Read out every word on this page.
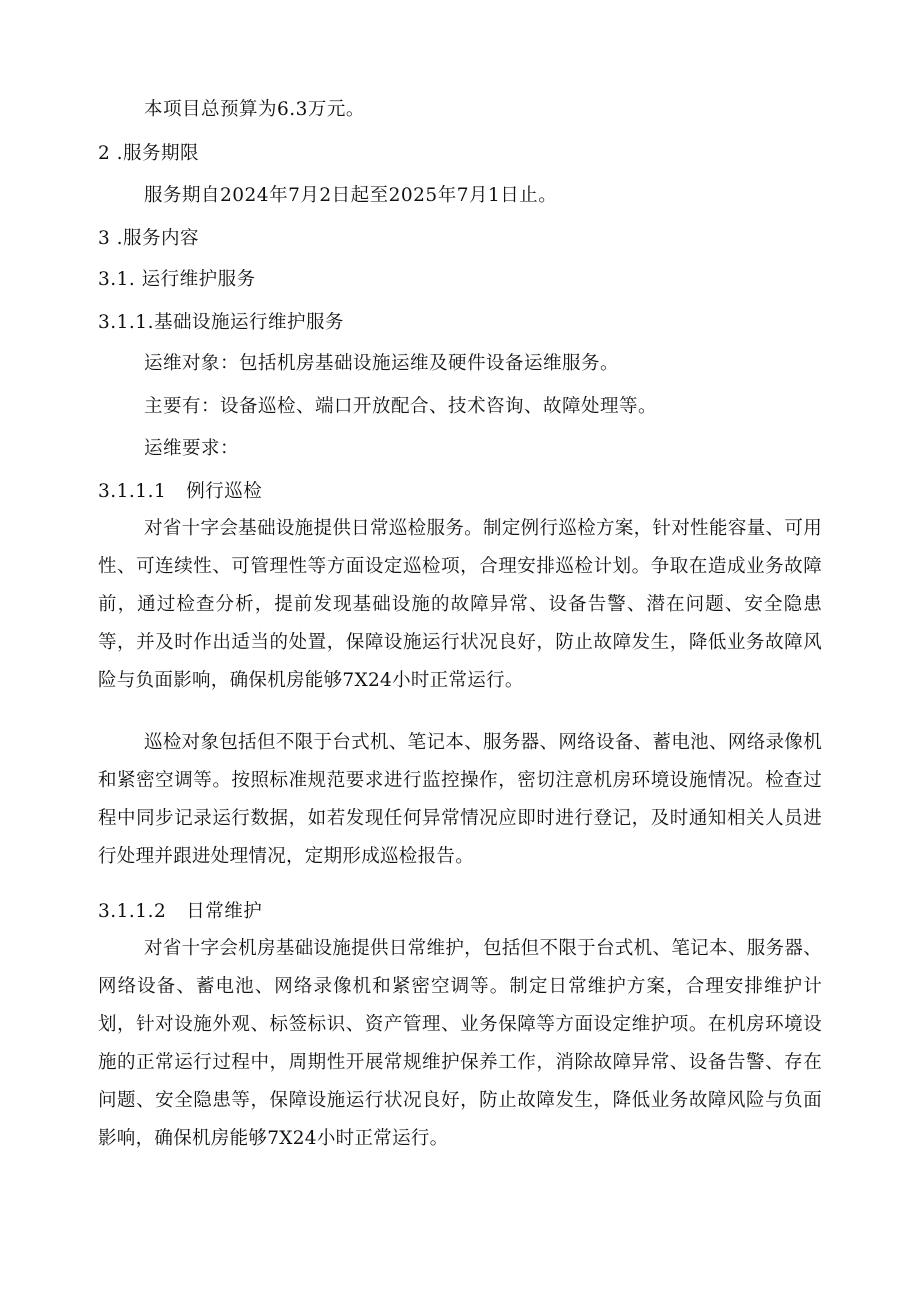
本项目总预算为6.3万元。
2 .服务期限
服务期自2024年7月2日起至2025年7月1日止。
3 .服务内容
3.1. 运行维护服务
3.1.1.基础设施运行维护服务
运维对象：包括机房基础设施运维及硬件设备运维服务。
主要有：设备巡检、端口开放配合、技术咨询、故障处理等。
运维要求：
3.1.1.1 例行巡检
对省十字会基础设施提供日常巡检服务。制定例行巡检方案，针对性能容量、可用性、可连续性、可管理性等方面设定巡检项，合理安排巡检计划。争取在造成业务故障前，通过检查分析，提前发现基础设施的故障异常、设备告警、潜在问题、安全隐患等，并及时作出适当的处置，保障设施运行状况良好，防止故障发生，降低业务故障风险与负面影响，确保机房能够7X24小时正常运行。
巡检对象包括但不限于台式机、笔记本、服务器、网络设备、蓄电池、网络录像机和紧密空调等。按照标准规范要求进行监控操作，密切注意机房环境设施情况。检查过程中同步记录运行数据，如若发现任何异常情况应即时进行登记，及时通知相关人员进行处理并跟进处理情况，定期形成巡检报告。
3.1.1.2 日常维护
对省十字会机房基础设施提供日常维护，包括但不限于台式机、笔记本、服务器、网络设备、蓄电池、网络录像机和紧密空调等。制定日常维护方案，合理安排维护计划，针对设施外观、标签标识、资产管理、业务保障等方面设定维护项。在机房环境设施的正常运行过程中，周期性开展常规维护保养工作，消除故障异常、设备告警、存在问题、安全隐患等，保障设施运行状况良好，防止故障发生，降低业务故障风险与负面影响，确保机房能够7X24小时正常运行。
